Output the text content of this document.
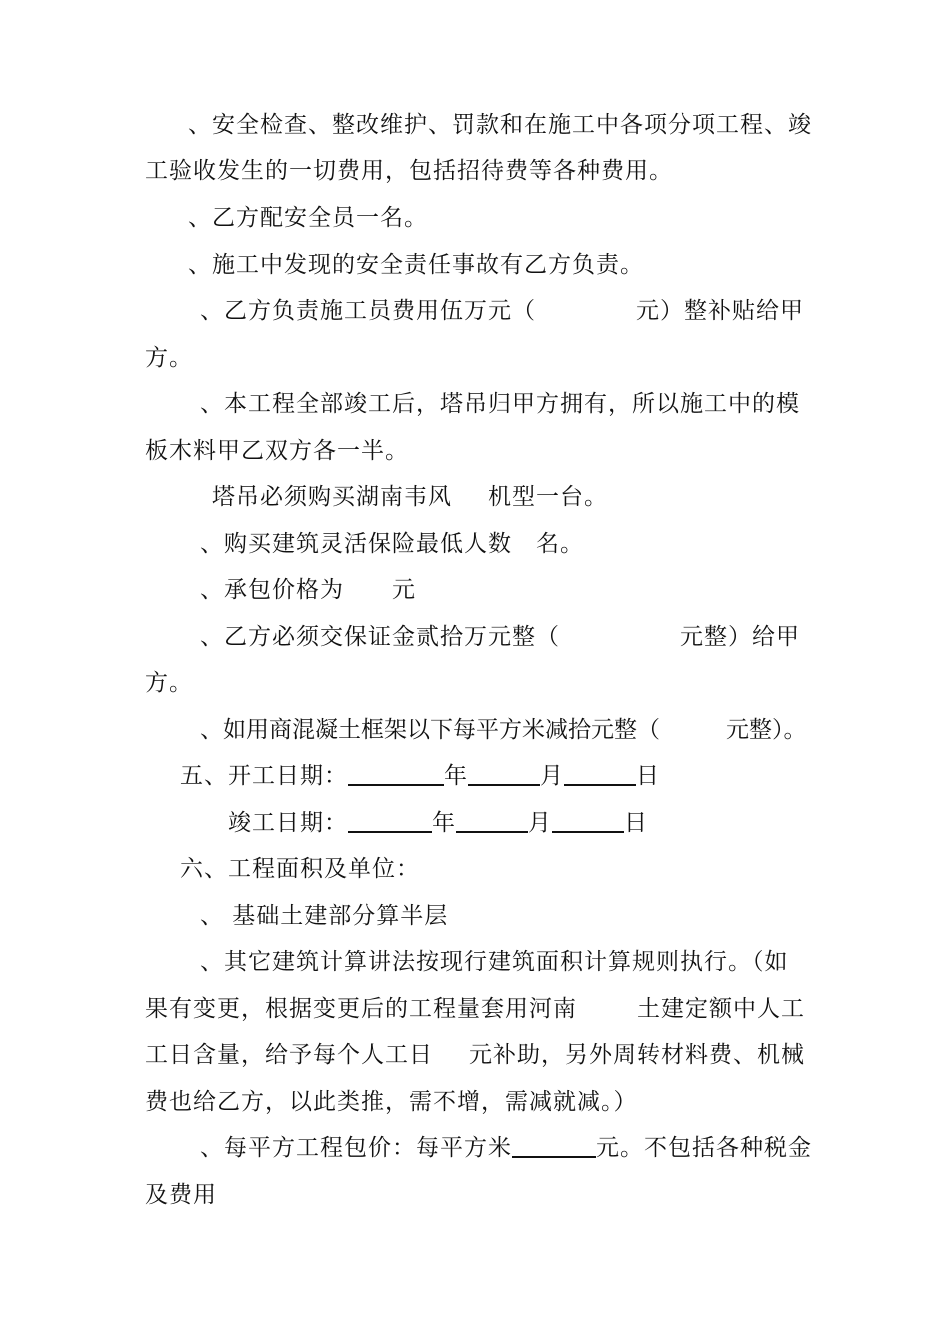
、安全检查、整改维护、罚款和在施工中各项分项工程、竣

工验收发生的一切费用，包括招待费等各种费用。

、乙方配安全员一名。

、施工中发现的安全责任事故有乙方负责。

、乙方负责施工员费用伍万元（	元）整补贴给甲

方。

、本工程全部竣工后，塔吊归甲方拥有，所以施工中的模

板木料甲乙双方各一半。

塔吊必须购买湖南韦风 机型一台。

、购买建筑灵活保险最低人数 名。

、承包价格为 元

、乙方必须交保证金贰拾万元整（	元整）给甲

方。

、如用商混凝土框架以下每平方米减拾元整（	元整）。

五、开工日期：	年	月	日

竣工日期：	年	月	日

六、工程面积及单位：

、 基础土建部分算半层

、其它建筑计算讲法按现行建筑面积计算规则执行。（如

果有变更，根据变更后的工程量套用河南	土建定额中人工

工日含量，给予每个人工日 元补助，另外周转材料费、机械

费也给乙方，以此类推，需不增，需减就减。）

、每平方工程包价：每平方米	元。不包括各种税金

及费用
